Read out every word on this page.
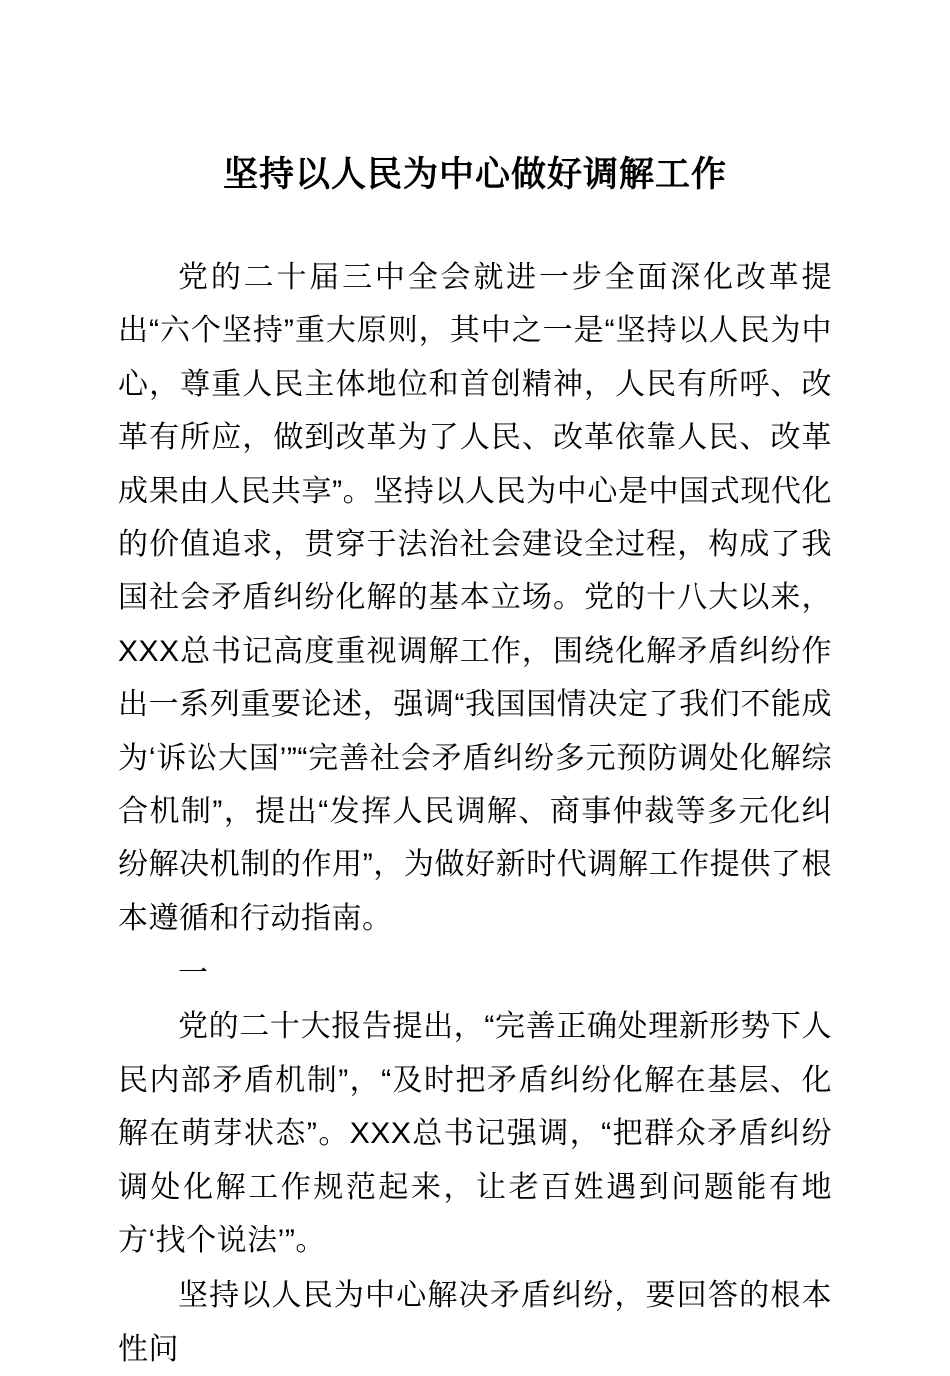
坚持以人民为中心做好调解工作

党的二十届三中全会就进一步全面深化改革提出“六个坚持”重大原则，其中之一是“坚持以人民为中心，尊重人民主体地位和首创精神，人民有所呼、改革有所应，做到改革为了人民、改革依靠人民、改革成果由人民共享”。坚持以人民为中心是中国式现代化的价值追求，贯穿于法治社会建设全过程，构成了我国社会矛盾纠纷化解的基本立场。党的十八大以来，XXX总书记高度重视调解工作，围绕化解矛盾纠纷作出一系列重要论述，强调“我国国情决定了我们不能成为‘诉讼大国’”“完善社会矛盾纠纷多元预防调处化解综合机制”，提出“发挥人民调解、商事仲裁等多元化纠纷解决机制的作用”，为做好新时代调解工作提供了根本遵循和行动指南。

一

党的二十大报告提出，“完善正确处理新形势下人民内部矛盾机制”，“及时把矛盾纠纷化解在基层、化解在萌芽状态”。XXX总书记强调，“把群众矛盾纠纷调处化解工作规范起来，让老百姓遇到问题能有地方‘找个说法’”。

坚持以人民为中心解决矛盾纠纷，要回答的根本性问
